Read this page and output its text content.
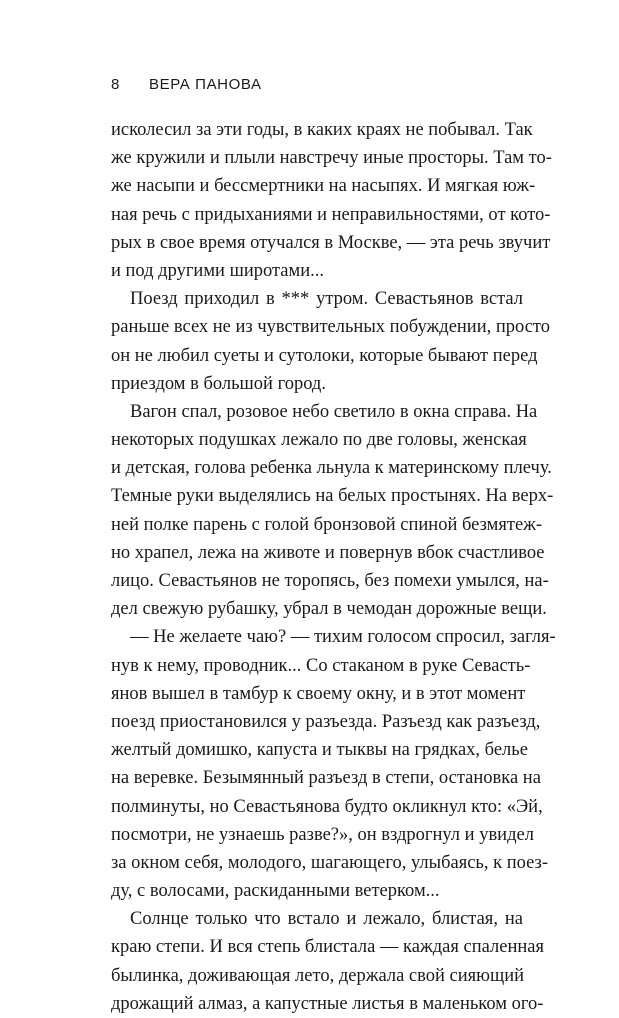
8 ВЕРА ПАНОВА
исколесил за эти годы, в каких краях не побывал. Так
же кружили и плыли навстречу иные просторы. Там то-
же насыпи и бессмертники на насыпях. И мягкая юж-
ная речь с придыханиями и неправильностями, от кото-
рых в свое время отучался в Москве, — эта речь звучит
и под другими широтами...
Поезд приходил в *** утром. Севастьянов встал
раньше всех не из чувствительных побуждении, просто
он не любил суеты и сутолоки, которые бывают перед
приездом в большой город.
Вагон спал, розовое небо светило в окна справа. На
некоторых подушках лежало по две головы, женская
и детская, голова ребенка льнула к материнскому плечу.
Темные руки выделялись на белых простынях. На верх-
ней полке парень с голой бронзовой спиной безмятеж-
но храпел, лежа на животе и повернув вбок счастливое
лицо. Севастьянов не торопясь, без помехи умылся, на-
дел свежую рубашку, убрал в чемодан дорожные вещи.
— Не желаете чаю? — тихим голосом спросил, загля-
нув к нему, проводник... Со стаканом в руке Севасть-
янов вышел в тамбур к своему окну, и в этот момент
поезд приостановился у разъезда. Разъезд как разъезд,
желтый домишко, капуста и тыквы на грядках, белье
на веревке. Безымянный разъезд в степи, остановка на
полминуты, но Севастьянова будто окликнул кто: «Эй,
посмотри, не узнаешь разве?», он вздрогнул и увидел
за окном себя, молодого, шагающего, улыбаясь, к поез-
ду, с волосами, раскиданными ветерком...
Солнце только что встало и лежало, блистая, на
краю степи. И вся степь блистала — каждая спаленная
былинка, доживающая лето, держала свой сияющий
дрожащий алмаз, а капустные листья в маленьком ого-
